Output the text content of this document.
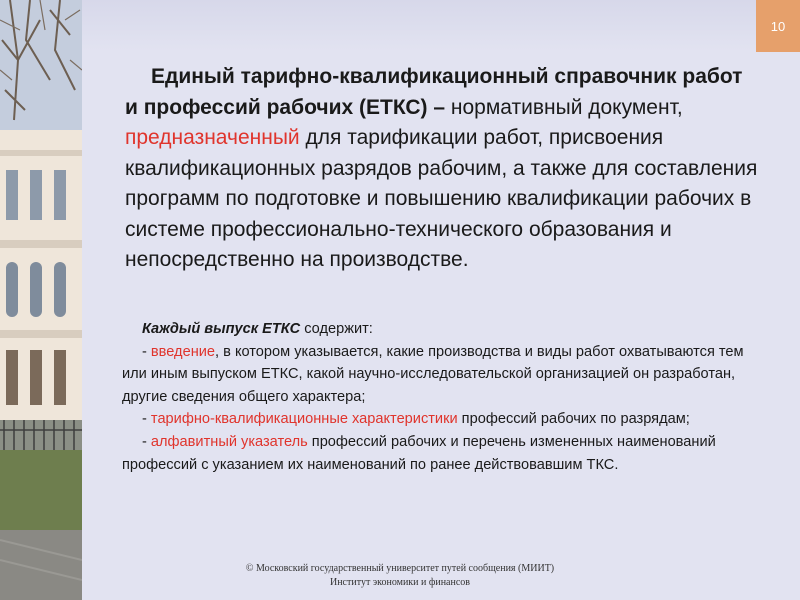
10

Единый тарифно-квалификационный справочник работ и профессий рабочих (ЕТКС) – нормативный документ, предназначенный для тарификации работ, присвоения квалификационных разрядов рабочим, а также для составления программ по подготовке и повышению квалификации рабочих в системе профессионально-технического образования и непосредственно на производстве.

Каждый выпуск ЕТКС содержит:
- введение, в котором указывается, какие производства и виды работ охватываются тем или иным выпуском ЕТКС, какой научно-исследовательской организацией он разработан, другие сведения общего характера;
- тарифно-квалификационные характеристики профессий рабочих по разрядам;
- алфавитный указатель профессий рабочих и перечень измененных наименований профессий с указанием их наименований по ранее действовавшим ТКС.
© Московский государственный университет путей сообщения (МИИТ)
Институт экономики и финансов
